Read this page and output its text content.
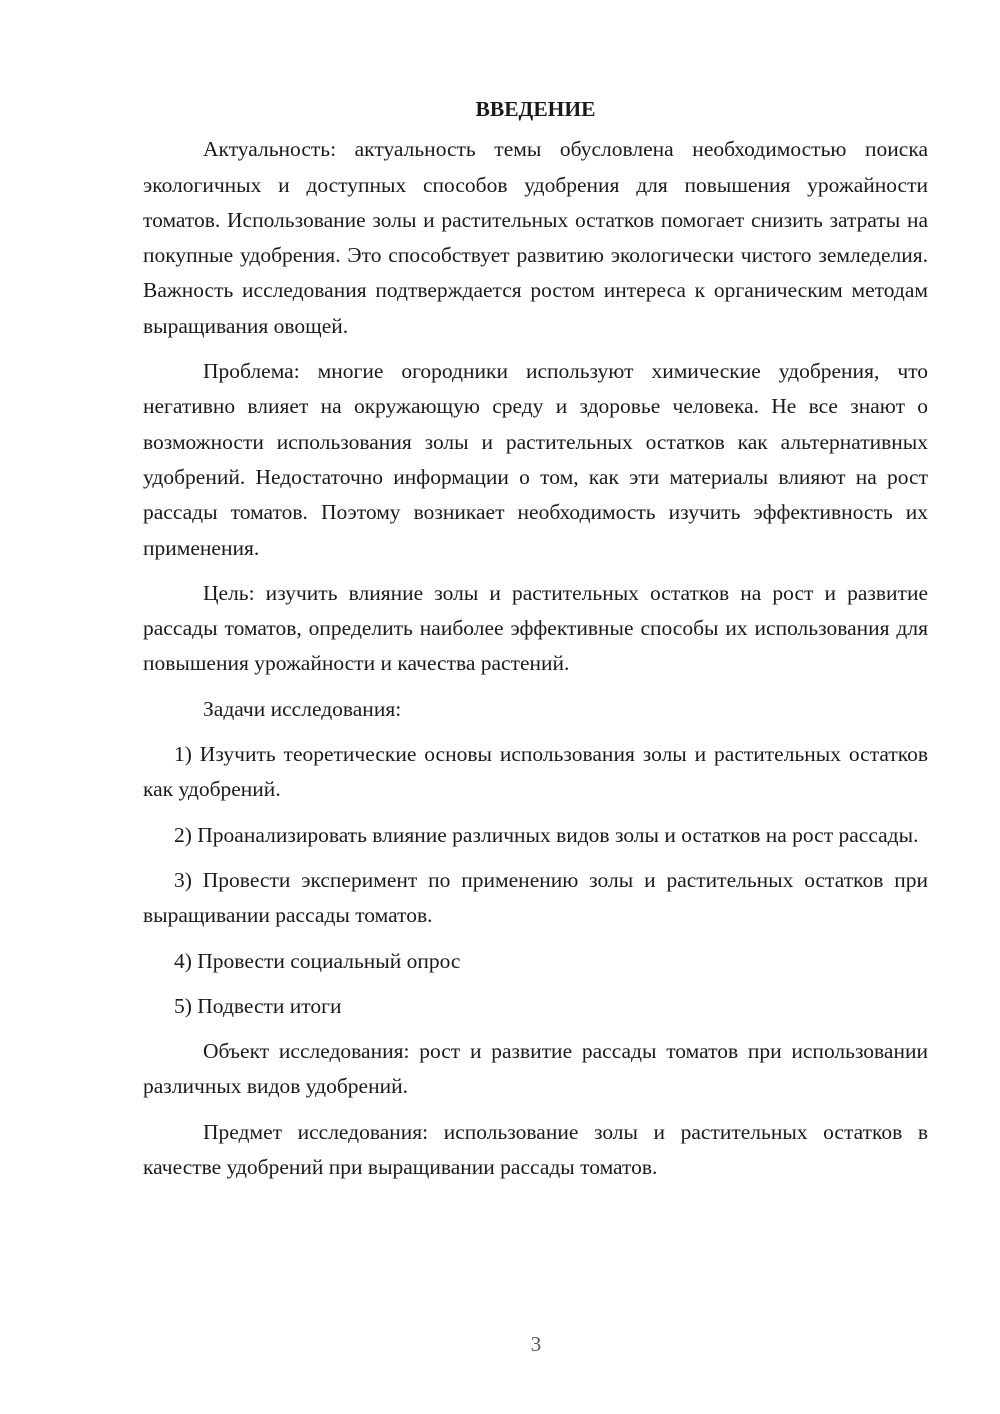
ВВЕДЕНИЕ

Актуальность: актуальность темы обусловлена необходимостью поиска экологичных и доступных способов удобрения для повышения урожайности томатов. Использование золы и растительных остатков помогает снизить затраты на покупные удобрения. Это способствует развитию экологически чистого земледелия. Важность исследования подтверждается ростом интереса к органическим методам выращивания овощей.

Проблема: многие огородники используют химические удобрения, что негативно влияет на окружающую среду и здоровье человека. Не все знают о возможности использования золы и растительных остатков как альтернативных удобрений. Недостаточно информации о том, как эти материалы влияют на рост рассады томатов. Поэтому возникает необходимость изучить эффективность их применения.

Цель: изучить влияние золы и растительных остатков на рост и развитие рассады томатов, определить наиболее эффективные способы их использования для повышения урожайности и качества растений.

Задачи исследования:

1) Изучить теоретические основы использования золы и растительных остатков как удобрений.

2) Проанализировать влияние различных видов золы и остатков на рост рассады.

3) Провести эксперимент по применению золы и растительных остатков при выращивании рассады томатов.

4) Провести социальный опрос

5) Подвести итоги

Объект исследования: рост и развитие рассады томатов при использовании различных видов удобрений.

Предмет исследования: использование золы и растительных остатков в качестве удобрений при выращивании рассады томатов.

3
